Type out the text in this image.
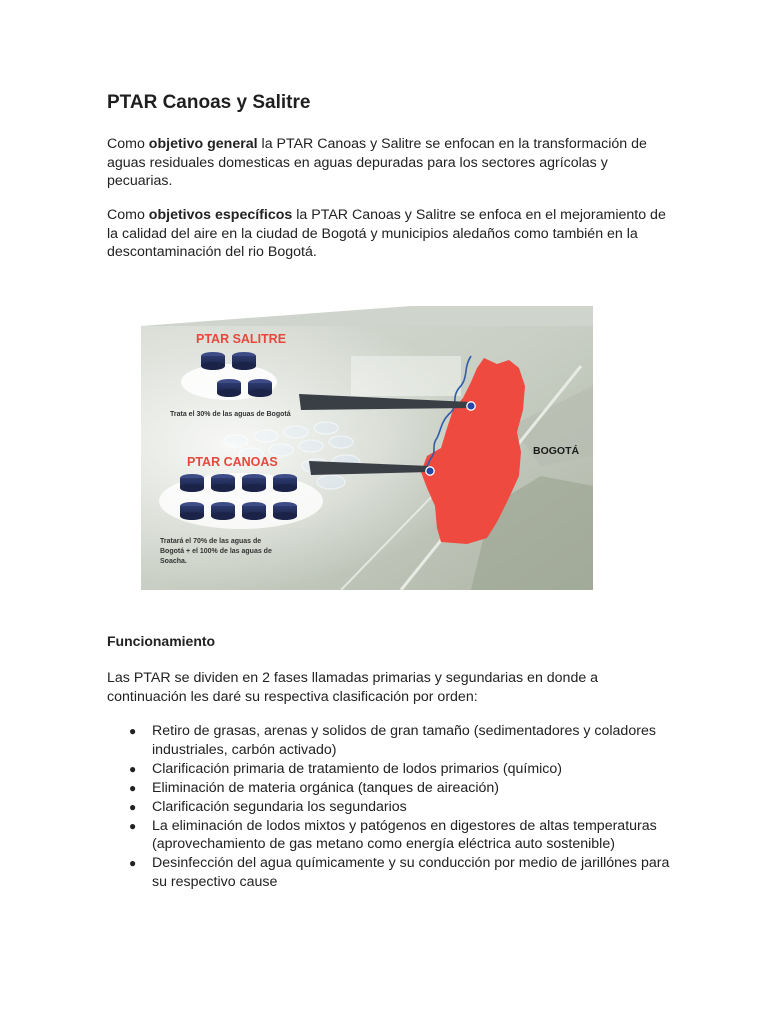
PTAR Canoas y Salitre

Como objetivo general la PTAR Canoas y Salitre se enfocan en la transformación de aguas residuales domesticas en aguas depuradas para los sectores agrícolas y pecuarias.

Como objetivos específicos la PTAR Canoas y Salitre se enfoca en el mejoramiento de la calidad del aire en la ciudad de Bogotá y municipios aledaños como también en la descontaminación del rio Bogotá.

BOGOTÁ
PTAR SALITRE
Trata el 30% de las aguas de Bogotá
PTAR CANOAS
Tratará el 70% de las aguas de
Bogotá + el 100% de las aguas de
Soacha.

Funcionamiento

Las PTAR se dividen en 2 fases llamadas primarias y segundarias en donde a continuación les daré su respectiva clasificación por orden:

● Retiro de grasas, arenas y solidos de gran tamaño (sedimentadores y coladores industriales, carbón activado)
● Clarificación primaria de tratamiento de lodos primarios (químico)
● Eliminación de materia orgánica (tanques de aireación)
● Clarificación segundaria los segundarios
● La eliminación de lodos mixtos y patógenos en digestores de altas temperaturas (aprovechamiento de gas metano como energía eléctrica auto sostenible)
● Desinfección del agua químicamente y su conducción por medio de jarillónes para su respectivo cause
